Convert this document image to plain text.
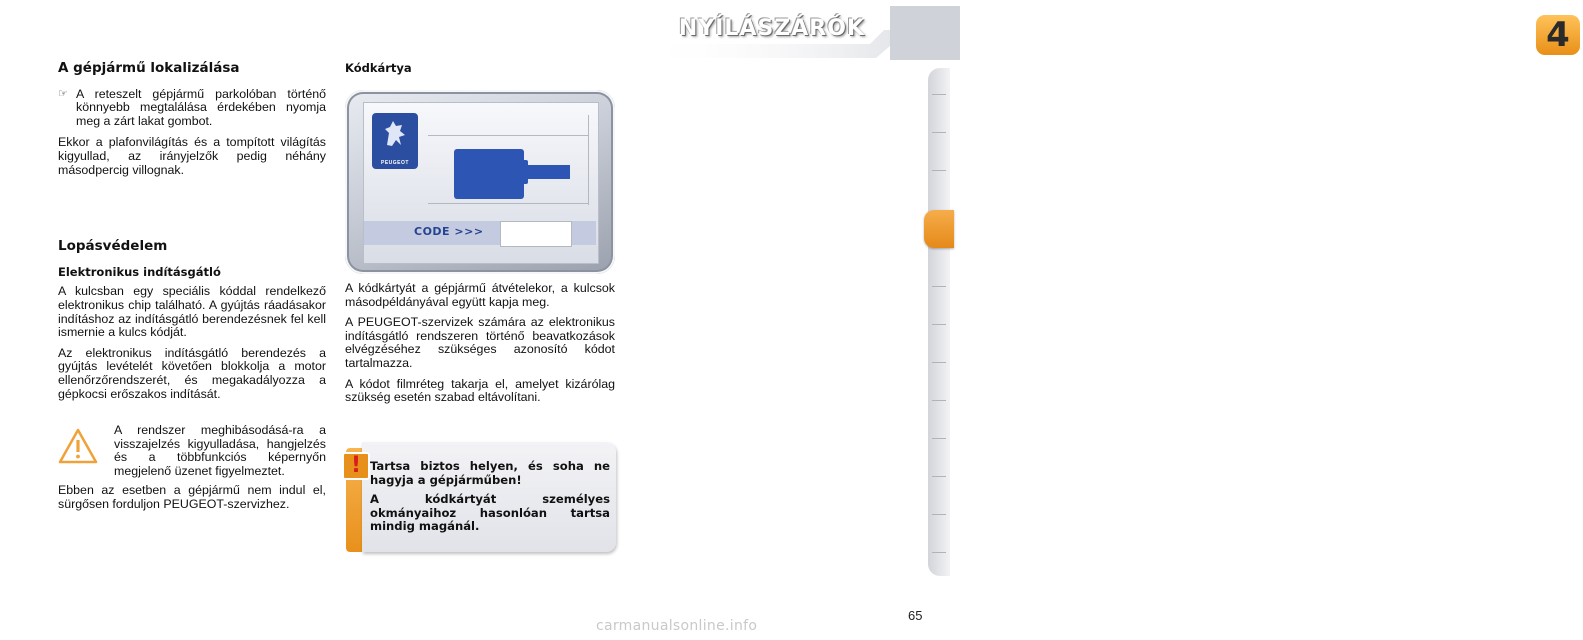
NYÍLÁSZÁRÓK	4
A gépjármű lokalizálása
☞ A reteszelt gépjármű parkolóban történő könnyebb megtalálása érdekében nyomja meg a zárt lakat gombot.

Ekkor a plafonvilágítás és a tompított világítás kigyullad, az irányjelzők pedig néhány másodpercig villognak.

Lopásvédelem
Elektronikus indításgátló

A kulcsban egy speciális kóddal rendelkező elektronikus chip található. A gyújtás ráadásakor indításhoz az indításgátló berendezésnek fel kell ismernie a kulcs kódját.

Az elektronikus indításgátló berendezés a gyújtás levételét követően blokkolja a motor ellenőrzőrendszerét, és megakadályozza a gépkocsi erőszakos indítását.

A rendszer meghibásodásá-ra a visszajelzés kigyulladása, hangjelzés és a többfunkciós képernyőn megjelenő üzenet figyelmeztet.

Ebben az esetben a gépjármű nem indul el, sürgősen forduljon PEUGEOT-szervizhez.

Kódkártya
PEUGEOT
CODE >>>

A kódkártyát a gépjármű átvételekor, a kulcsok másodpéldányával együtt kapja meg.

A PEUGEOT-szervizek számára az elektronikus indításgátló rendszeren történő beavatkozások elvégzéséhez szükséges azonosító kódot tartalmazza.

A kódot filmréteg takarja el, amelyet kizárólag szükség esetén szabad eltávolítani.

! Tartsa biztos helyen, és soha ne hagyja a gépjárműben!

A kódkártyát személyes okmányaihoz hasonlóan tartsa mindig magánál.

65
carmanualsonline.info
